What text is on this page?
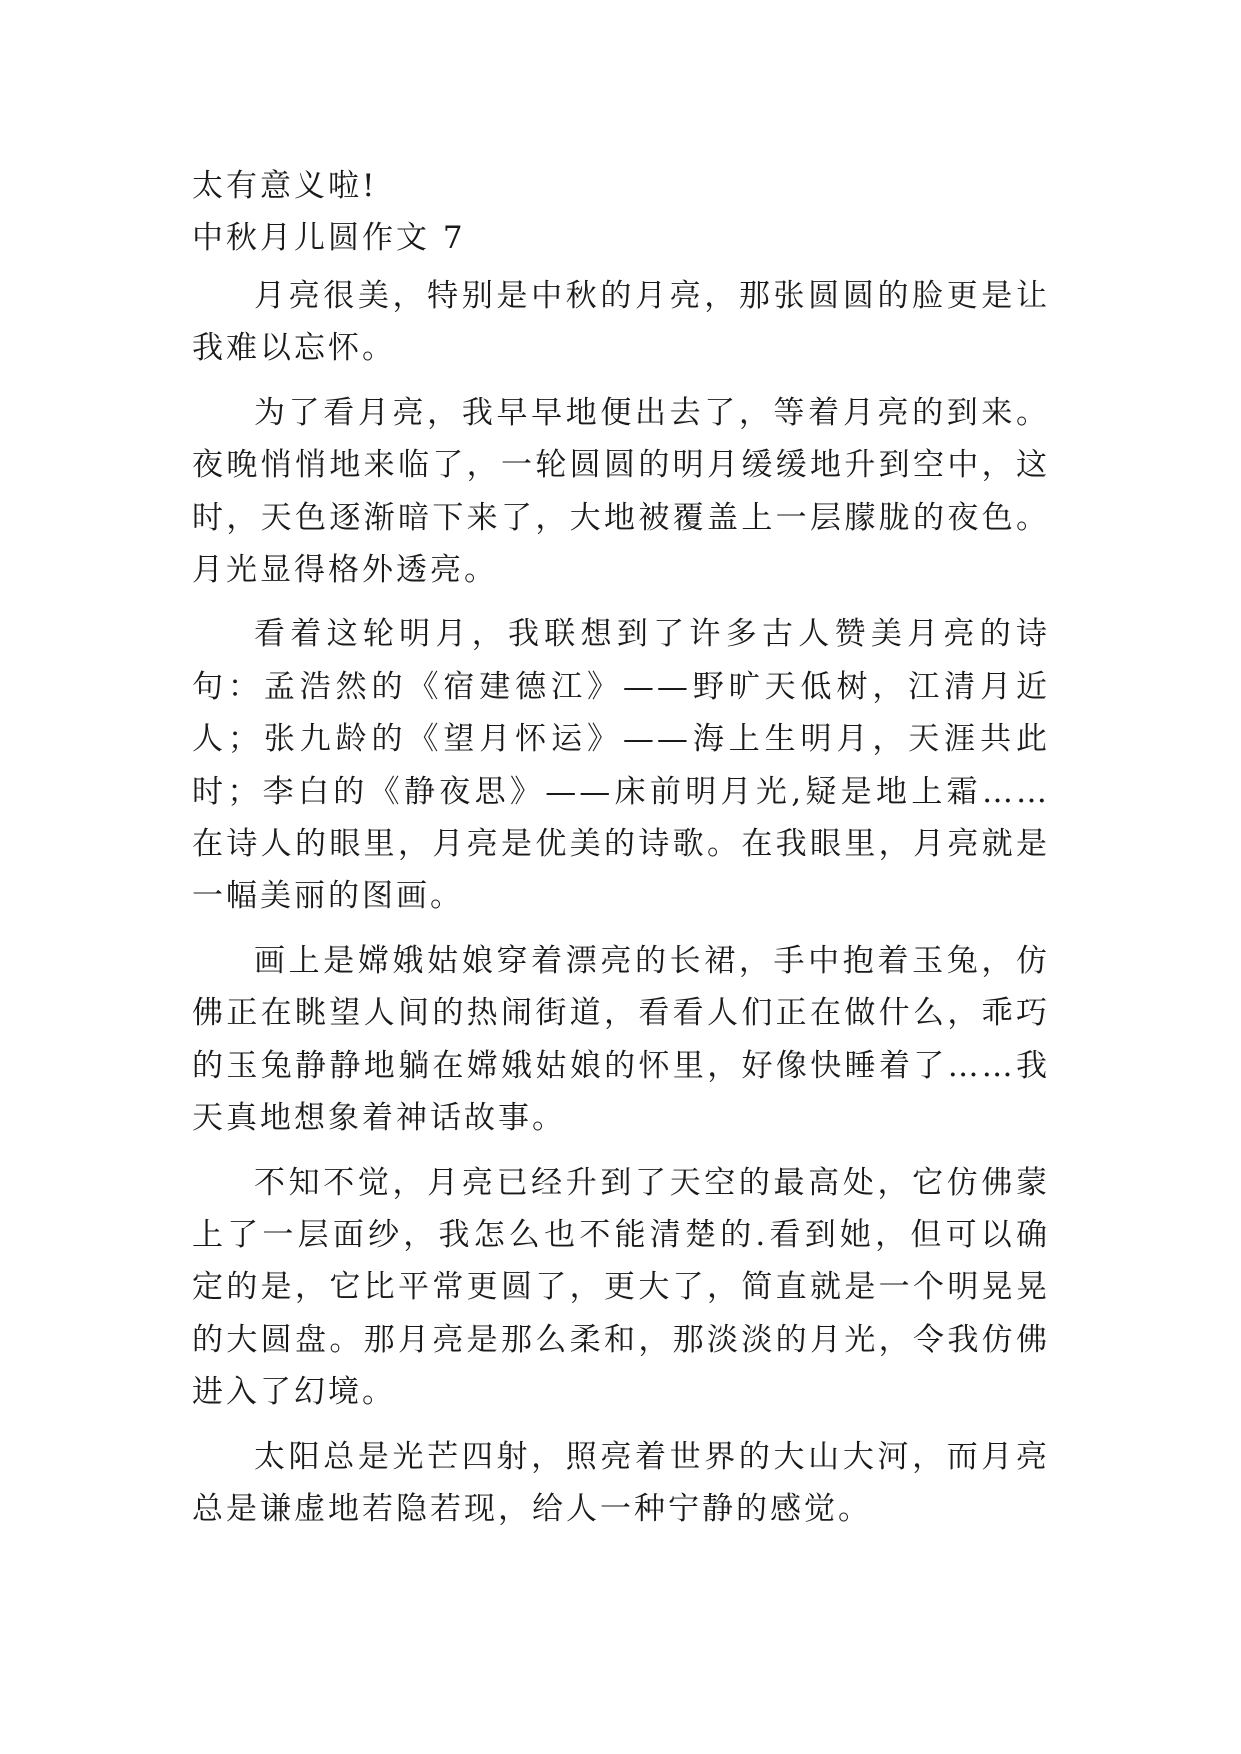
太有意义啦!

中秋月儿圆作文 7

月亮很美，特别是中秋的月亮，那张圆圆的脸更是让我难以忘怀。

为了看月亮，我早早地便出去了，等着月亮的到来。夜晚悄悄地来临了，一轮圆圆的明月缓缓地升到空中，这时，天色逐渐暗下来了，大地被覆盖上一层朦胧的夜色。月光显得格外透亮。

看着这轮明月，我联想到了许多古人赞美月亮的诗句：孟浩然的《宿建德江》——野旷天低树，江清月近人；张九龄的《望月怀运》——海上生明月，天涯共此时；李白的《静夜思》——床前明月光,疑是地上霜……在诗人的眼里，月亮是优美的诗歌。在我眼里，月亮就是一幅美丽的图画。

画上是嫦娥姑娘穿着漂亮的长裙，手中抱着玉兔，仿佛正在眺望人间的热闹街道，看看人们正在做什么，乖巧的玉兔静静地躺在嫦娥姑娘的怀里，好像快睡着了……我天真地想象着神话故事。

不知不觉，月亮已经升到了天空的最高处，它仿佛蒙上了一层面纱，我怎么也不能清楚的.看到她，但可以确定的是，它比平常更圆了，更大了，简直就是一个明晃晃的大圆盘。那月亮是那么柔和，那淡淡的月光，令我仿佛进入了幻境。

太阳总是光芒四射，照亮着世界的大山大河，而月亮总是谦虚地若隐若现，给人一种宁静的感觉。
